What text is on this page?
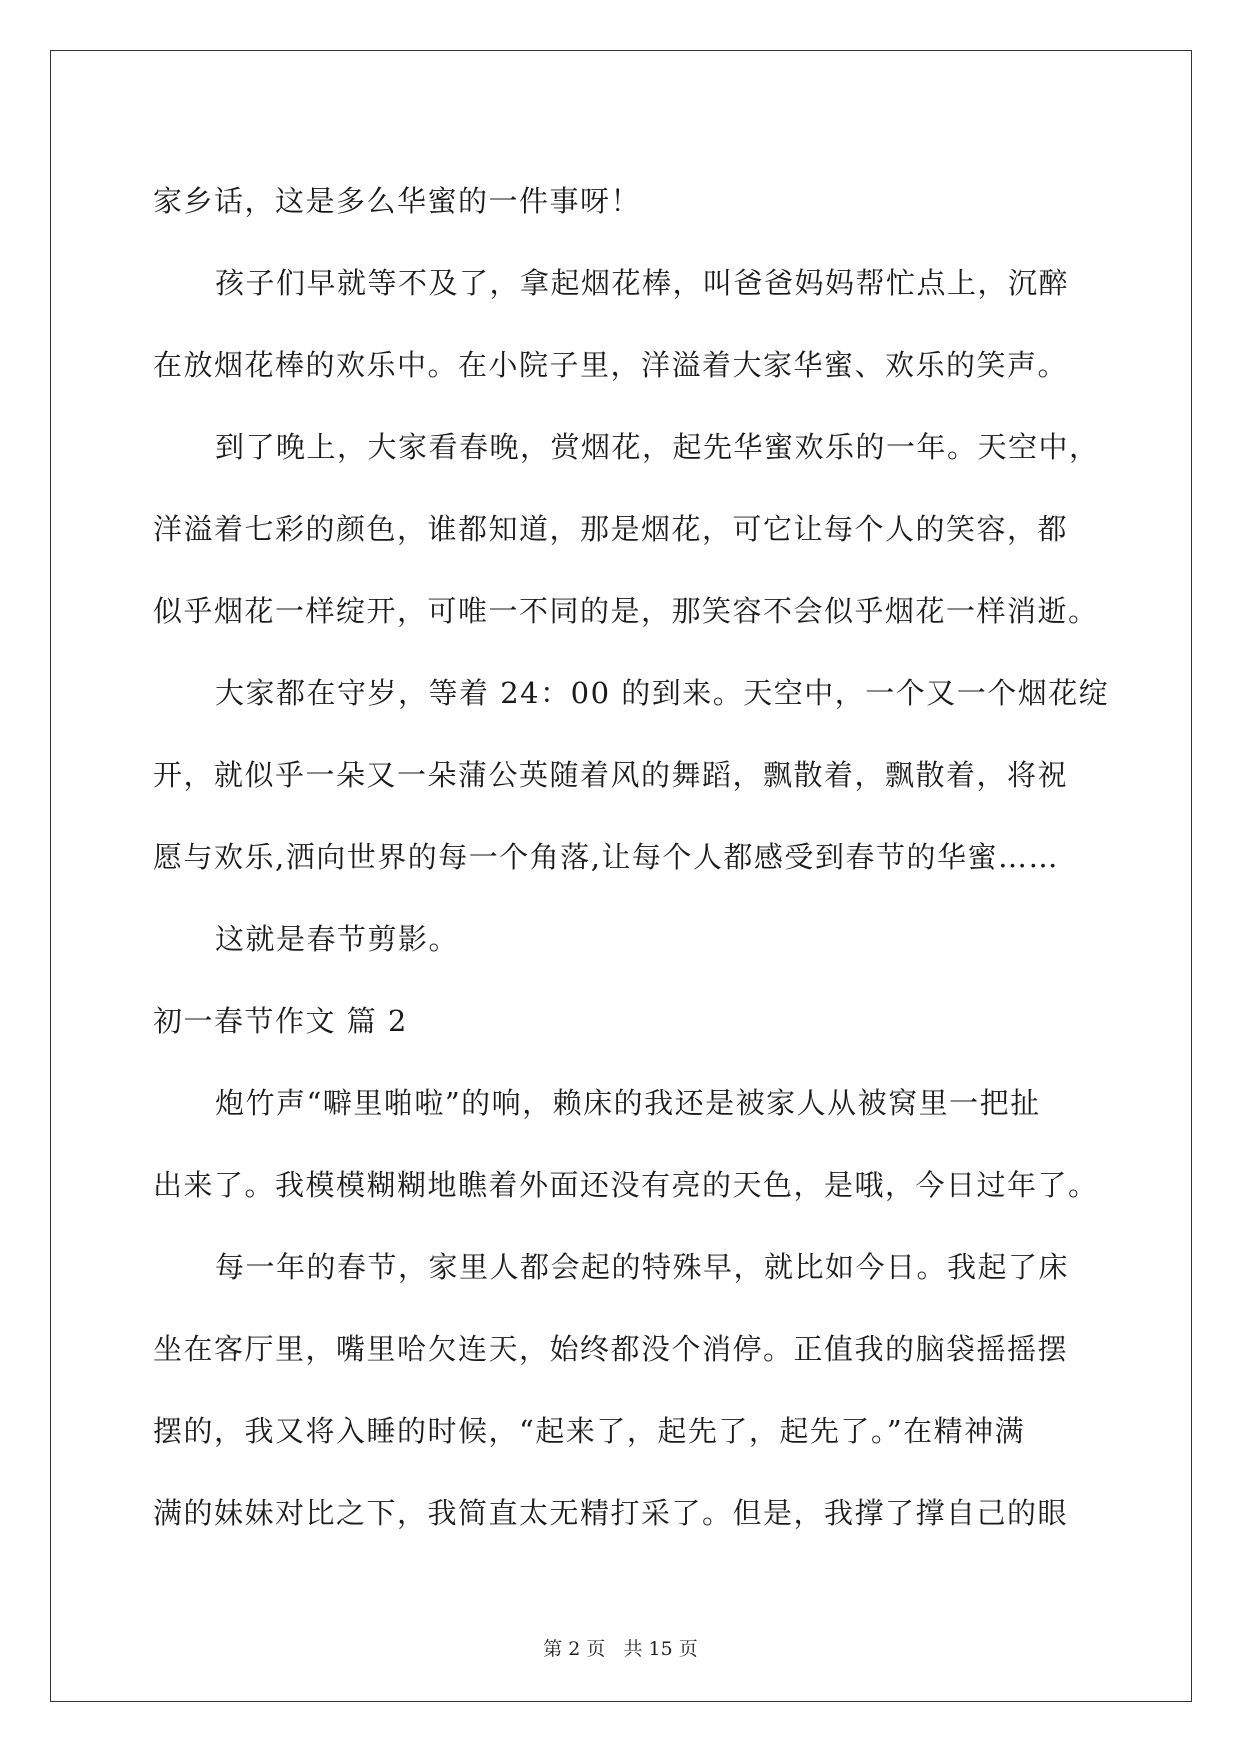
家乡话，这是多么华蜜的一件事呀！
孩子们早就等不及了，拿起烟花棒，叫爸爸妈妈帮忙点上，沉醉
在放烟花棒的欢乐中。在小院子里，洋溢着大家华蜜、欢乐的笑声。
到了晚上，大家看春晚，赏烟花，起先华蜜欢乐的一年。天空中，
洋溢着七彩的颜色，谁都知道，那是烟花，可它让每个人的笑容，都
似乎烟花一样绽开，可唯一不同的是，那笑容不会似乎烟花一样消逝。
大家都在守岁，等着 24：00 的到来。天空中，一个又一个烟花绽
开，就似乎一朵又一朵蒲公英随着风的舞蹈，飘散着，飘散着，将祝
愿与欢乐,洒向世界的每一个角落,让每个人都感受到春节的华蜜……
这就是春节剪影。
初一春节作文 篇 2
炮竹声“噼里啪啦”的响，赖床的我还是被家人从被窝里一把扯
出来了。我模模糊糊地瞧着外面还没有亮的天色，是哦，今日过年了。
每一年的春节，家里人都会起的特殊早，就比如今日。我起了床
坐在客厅里，嘴里哈欠连天，始终都没个消停。正值我的脑袋摇摇摆
摆的，我又将入睡的时候，“起来了，起先了，起先了。”在精神满
满的妹妹对比之下，我简直太无精打采了。但是，我撑了撑自己的眼
第 2 页 共 15 页
